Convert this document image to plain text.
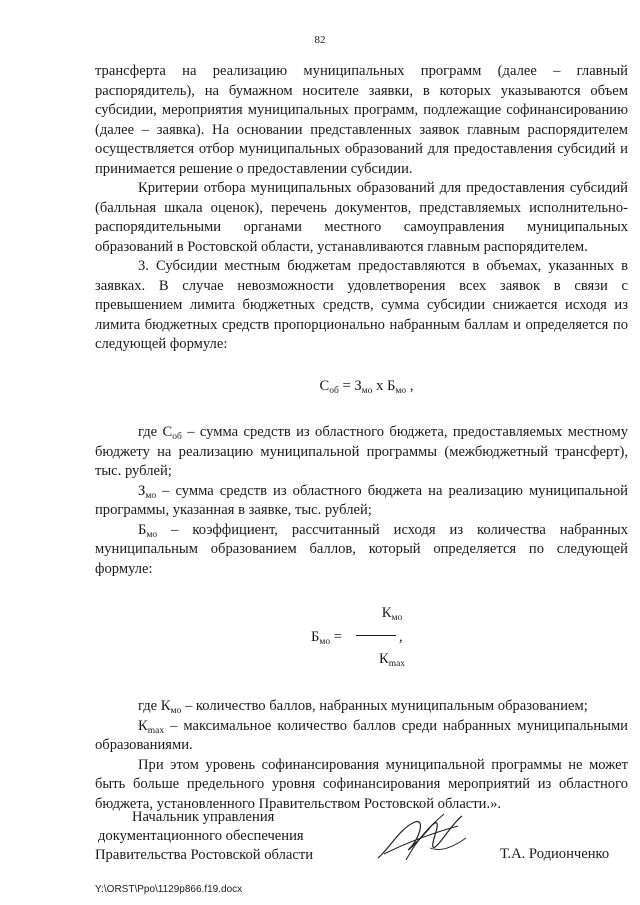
82

трансферта на реализацию муниципальных программ (далее – главный распорядитель), на бумажном носителе заявки, в которых указываются объем субсидии, мероприятия муниципальных программ, подлежащие софинансированию (далее – заявка). На основании представленных заявок главным распорядителем осуществляется отбор муниципальных образований для предоставления субсидий и принимается решение о предоставлении субсидии.

Критерии отбора муниципальных образований для предоставления субсидий (балльная шкала оценок), перечень документов, представляемых исполнительно-распорядительными органами местного самоуправления муниципальных образований в Ростовской области, устанавливаются главным распорядителем.

3. Субсидии местным бюджетам предоставляются в объемах, указанных в заявках. В случае невозможности удовлетворения всех заявок в связи с превышением лимита бюджетных средств, сумма субсидии снижается исходя из лимита бюджетных средств пропорционально набранным баллам и определяется по следующей формуле:

$С_{об} = З_{мо}$ х $Б_{мо}$ ,

где $С_{об}$ – сумма средств из областного бюджета, предоставляемых местному бюджету на реализацию муниципальной программы (межбюджетный трансферт), тыс. рублей;

$З_{мо}$ – сумма средств из областного бюджета на реализацию муниципальной программы, указанная в заявке, тыс. рублей;

$Б_{мо}$ – коэффициент, рассчитанный исходя из количества набранных муниципальным образованием баллов, который определяется по следующей формуле:

$Б_{мо}$ =
$К_{мо}$
,
$К_{max}$

где $К_{мо}$ – количество баллов, набранных муниципальным образованием;

$К_{max}$ – максимальное количество баллов среди набранных муниципальными образованиями.

При этом уровень софинансирования муниципальной программы не может быть больше предельного уровня софинансирования мероприятий из областного бюджета, установленного Правительством Ростовской области.».

Начальник управления
документационного обеспечения
Правительства Ростовской области	Т.А. Родионченко
Y:\ORST\Ppo\1129p866.f19.docx
